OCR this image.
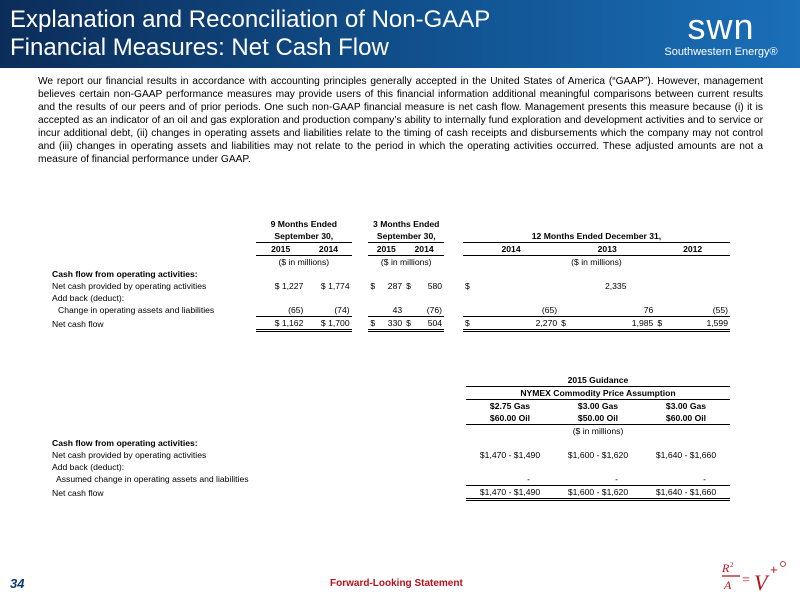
Explanation and Reconciliation of Non-GAAP
Financial Measures: Net Cash Flow
swn
Southwestern Energy®
We report our financial results in accordance with accounting principles generally accepted in the United States of America (“GAAP”). However, management believes certain non-GAAP performance measures may provide users of this financial information additional meaningful comparisons between current results and the results of our peers and of prior periods. One such non-GAAP financial measure is net cash flow. Management presents this measure because (i) it is accepted as an indicator of an oil and gas exploration and production company’s ability to internally fund exploration and development activities and to service or incur additional debt, (ii) changes in operating assets and liabilities relate to the timing of cash receipts and disbursements which the company may not control and (iii) changes in operating assets and liabilities may not relate to the period in which the operating activities occurred. These adjusted amounts are not a measure of financial performance under GAAP.
	9 Months Ended			3 Months Ended									
	September 30,			September 30,					12 Months Ended December 31,				
	2015	2014		2015		2014			2014		2013		2012
	($ in millions)			($ in millions)					($ in millions)				
Cash flow from operating activities:													
Net cash provided by operating activities	$ 1,227	$ 1,774		$	287	$	580		$		2,335		
Add back (deduct):													
Change in operating assets and liabilities	(65)	(74)		43		(76)			(65)		76		(55)
Net cash flow	$ 1,162	$ 1,700		$	330	$	504		$	2,270	$	1,985	$ 1,599
	2015 Guidance		
	NYMEX Commodity Price Assumption		
	$2.75 Gas	$3.00 Gas	$3.00 Gas
	$60.00 Oil	$50.00 Oil	$60.00 Oil
	($ in millions)		
Cash flow from operating activities:			
Net cash provided by operating activities	$1,470 - $1,490	$1,600 - $1,620	$1,640 - $1,660
Add back (deduct):			
Assumed change in operating assets and liabilities	-	-	-
Net cash flow	$1,470 - $1,490	$1,600 - $1,620	$1,640 - $1,660
34	Forward-Looking Statement
R 2
A = V
+
